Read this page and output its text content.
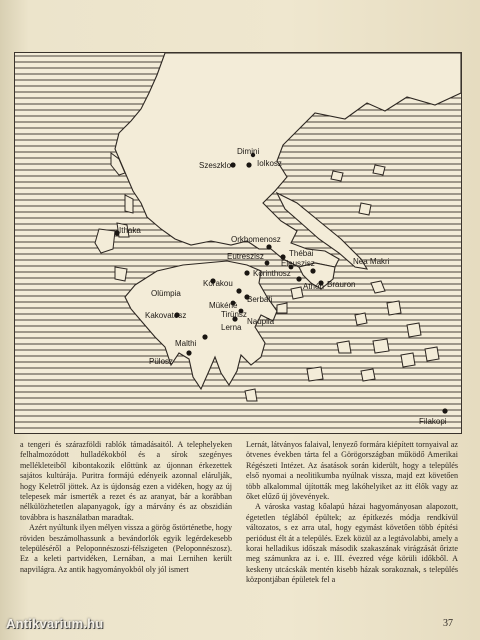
Dimini
Szeszklo	Iolkosz
Ithaka
Orkhomenosz
Thébai
Eutreszisz
Eleuszisz	Nea Makri
Korinthosz
Athén Brauron
Olümpia
Korakou
Mükéné
Tirünsz
Berbati
Kakovatosz
Lerna
Nauplia
Malthi
Pülosz
Filakopi

a tengeri és szárazföldi rablók támadásaitól. A telephelyeken felhalmozódott hulladékokból és a sírok szegényes mellékleteiből kibontakozik előttünk az újonnan érkezettek sajátos kultúrája. Puritra formájú edényeik azonnal elárulják, hogy Keletről jöttek. Az is újdonság ezen a vidéken, hogy az új telepesek már ismerték a rezet és az aranyat, bár a korábban nélkülözhetetlen alapanyagok, így a márvány és az obszidián továbbra is használatban maradtak.

Azért nyúltunk ilyen mélyen vissza a görög őstörténetbe, hogy röviden beszámolhassunk a bevándorlók egyik legérdekesebb településéről a Peloponnészoszi-félszigeten (Peloponnészosz). Ez a keleti partvidéken, Lernában, a mai Lernihen került napvilágra. Az antik hagyományokból oly jól ismert

Lernát, látványos falaival, lenyező formára kiépített tornyaival az ötvenes években tárta fel a Görögországban működő Amerikai Régészeti Intézet. Az ásatások során kiderült, hogy a település első nyomai a neolitikumba nyúlnak vissza, majd ezt követően több alkalommal újították meg lakóhelyiket az itt élők vagy az őket elűző új jövevények.

A városka vastag kőalapú házai hagyományosan alapozott, égetetlen téglából épültek; az építkezés módja rendkívül változatos, s ez arra utal, hogy egymást követően több építési periódust élt át a település. Ezek közül az a legtávolabbi, amely a korai helladikus időszak második szakaszának virágzását őrizte meg számunkra az i. e. III. évezred vége körüli időkből. A keskeny utcácskák mentén kisebb házak sorakoznak, s település központjában épületek fel a

37
Antikvarium.hu
